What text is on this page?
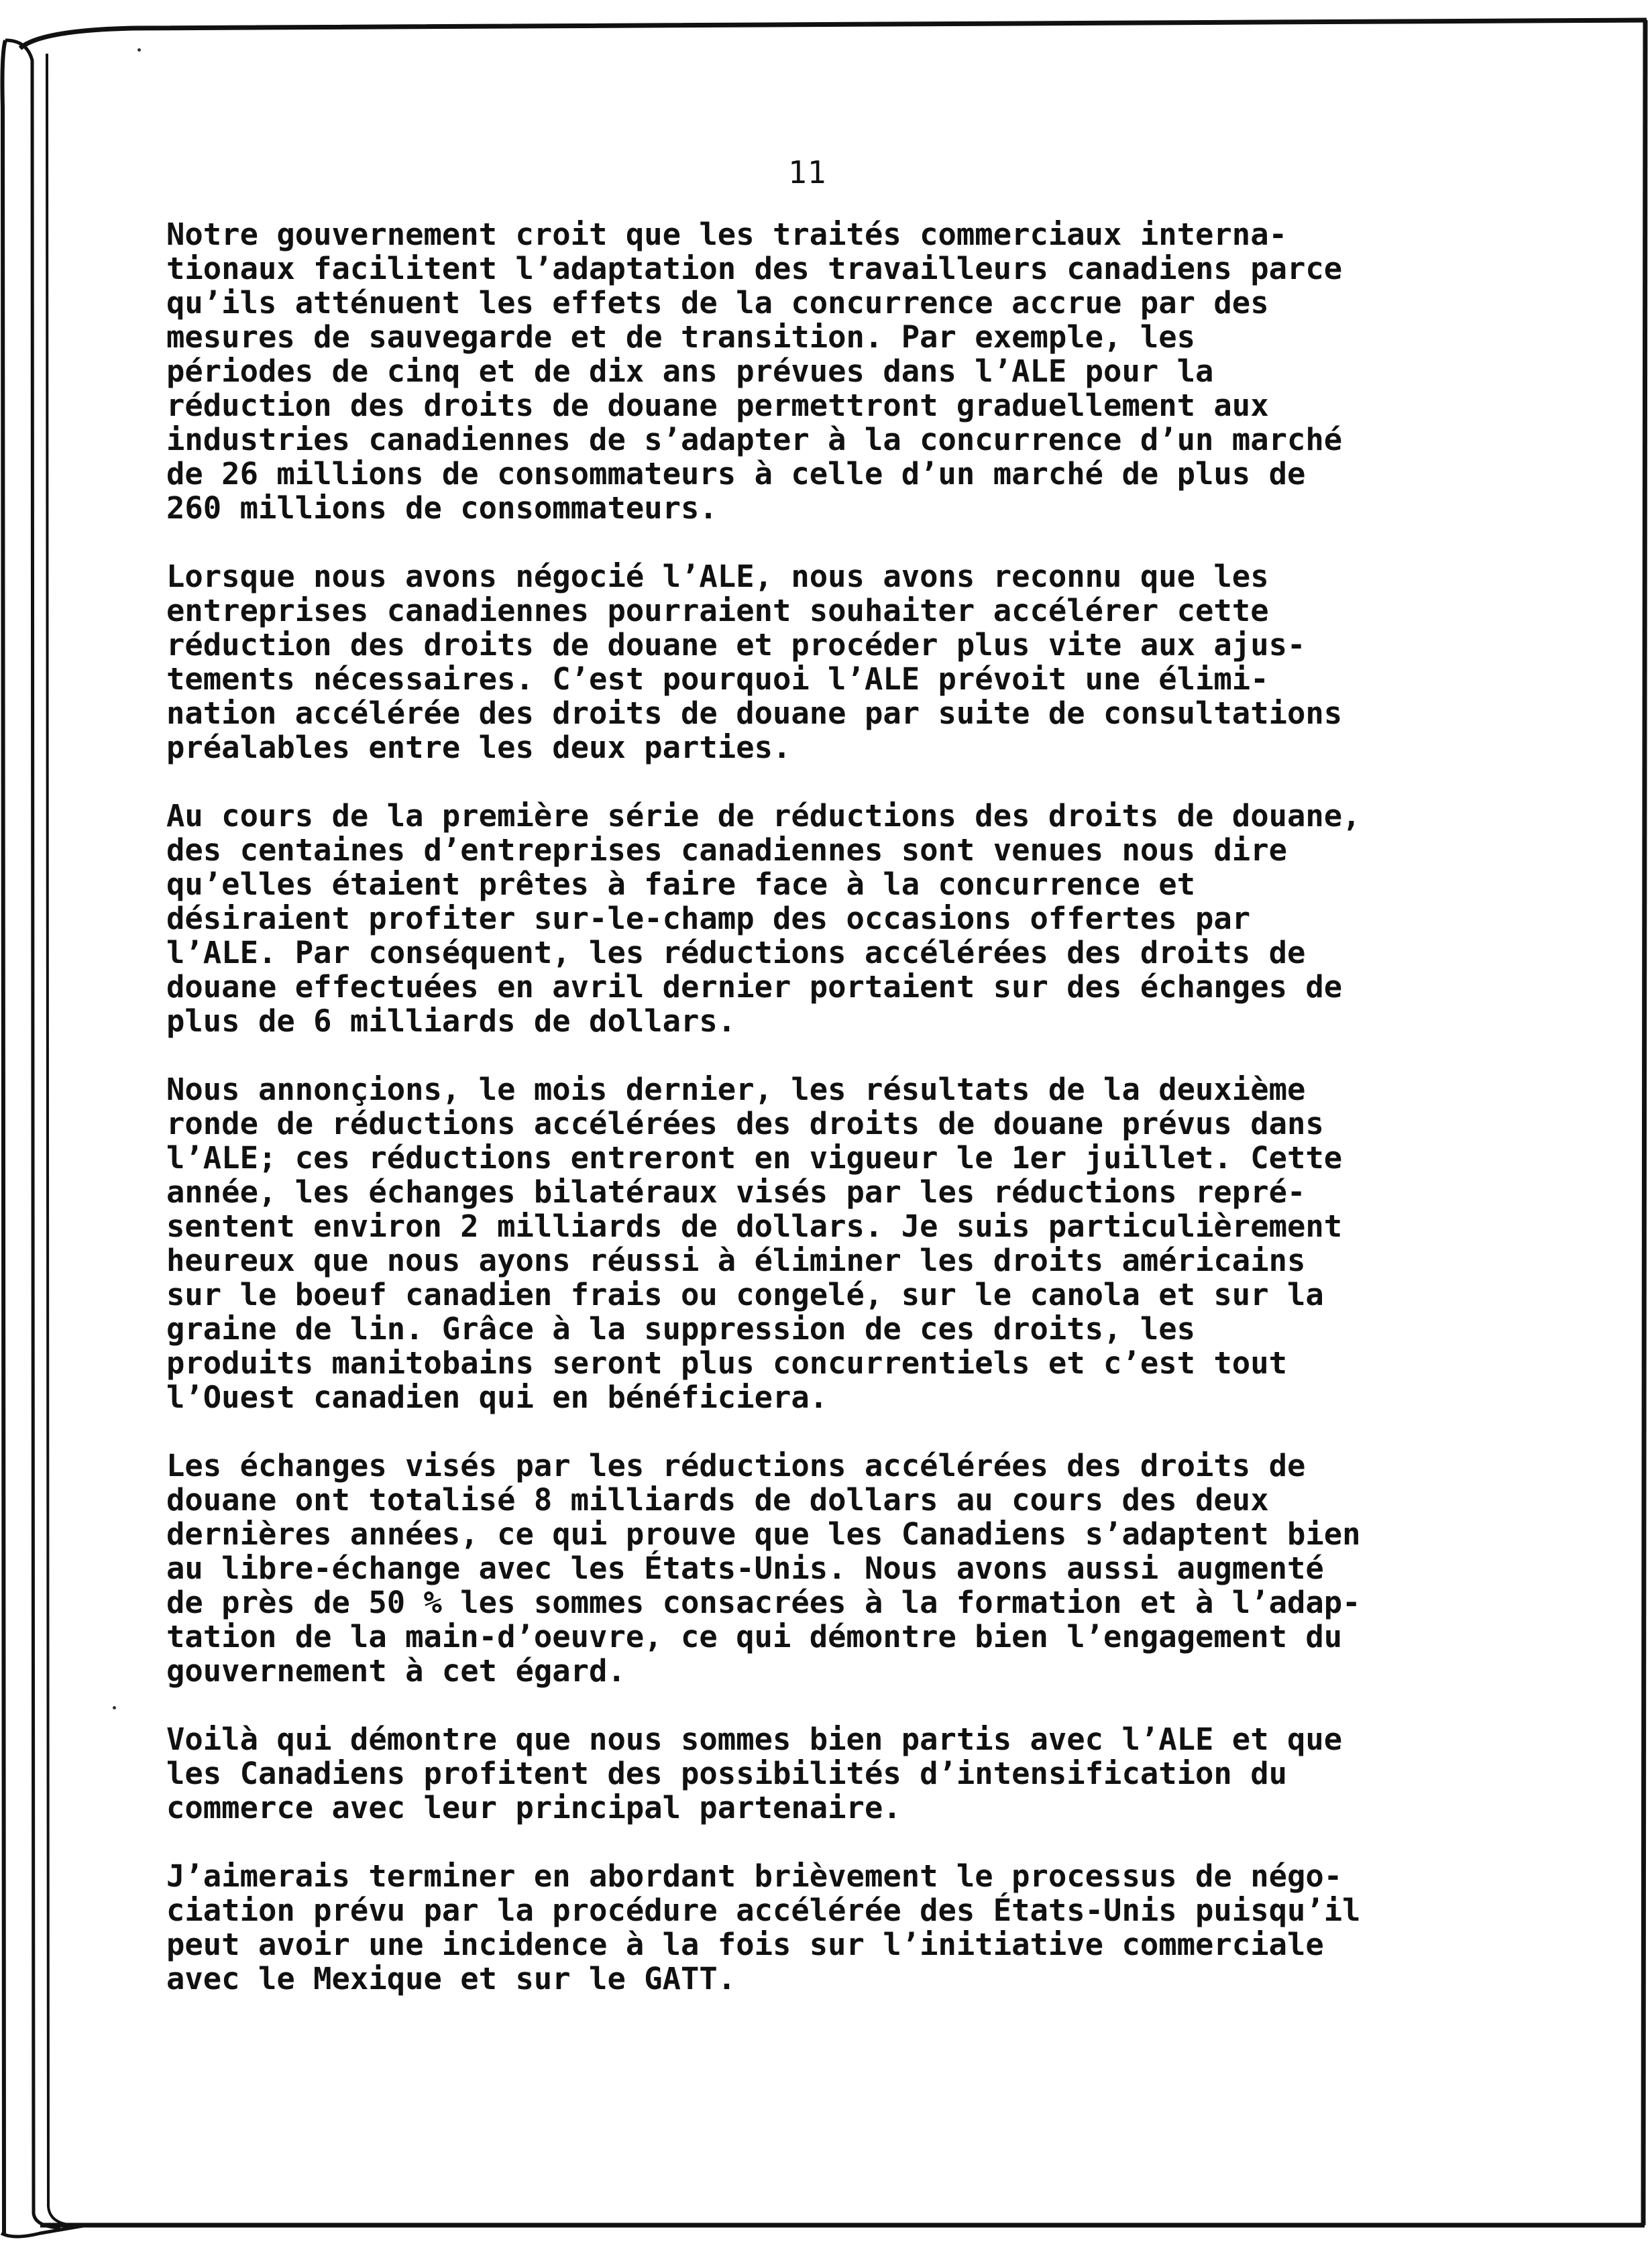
11
Notre gouvernement croit que les traités commerciaux interna-
tionaux facilitent l’adaptation des travailleurs canadiens parce
qu’ils atténuent les effets de la concurrence accrue par des
mesures de sauvegarde et de transition. Par exemple, les
périodes de cinq et de dix ans prévues dans l’ALE pour la
réduction des droits de douane permettront graduellement aux
industries canadiennes de s’adapter à la concurrence d’un marché
de 26 millions de consommateurs à celle d’un marché de plus de
260 millions de consommateurs.
Lorsque nous avons négocié l’ALE, nous avons reconnu que les
entreprises canadiennes pourraient souhaiter accélérer cette
réduction des droits de douane et procéder plus vite aux ajus-
tements nécessaires. C’est pourquoi l’ALE prévoit une élimi-
nation accélérée des droits de douane par suite de consultations
préalables entre les deux parties.
Au cours de la première série de réductions des droits de douane,
des centaines d’entreprises canadiennes sont venues nous dire
qu’elles étaient prêtes à faire face à la concurrence et
désiraient profiter sur-le-champ des occasions offertes par
l’ALE. Par conséquent, les réductions accélérées des droits de
douane effectuées en avril dernier portaient sur des échanges de
plus de 6 milliards de dollars.
Nous annonçions, le mois dernier, les résultats de la deuxième
ronde de réductions accélérées des droits de douane prévus dans
l’ALE; ces réductions entreront en vigueur le 1er juillet. Cette
année, les échanges bilatéraux visés par les réductions repré-
sentent environ 2 milliards de dollars. Je suis particulièrement
heureux que nous ayons réussi à éliminer les droits américains
sur le boeuf canadien frais ou congelé, sur le canola et sur la
graine de lin. Grâce à la suppression de ces droits, les
produits manitobains seront plus concurrentiels et c’est tout
l’Ouest canadien qui en bénéficiera.
Les échanges visés par les réductions accélérées des droits de
douane ont totalisé 8 milliards de dollars au cours des deux
dernières années, ce qui prouve que les Canadiens s’adaptent bien
au libre-échange avec les États-Unis. Nous avons aussi augmenté
de près de 50 % les sommes consacrées à la formation et à l’adap-
tation de la main-d’oeuvre, ce qui démontre bien l’engagement du
gouvernement à cet égard.
Voilà qui démontre que nous sommes bien partis avec l’ALE et que
les Canadiens profitent des possibilités d’intensification du
commerce avec leur principal partenaire.
J’aimerais terminer en abordant brièvement le processus de négo-
ciation prévu par la procédure accélérée des États-Unis puisqu’il
peut avoir une incidence à la fois sur l’initiative commerciale
avec le Mexique et sur le GATT.
